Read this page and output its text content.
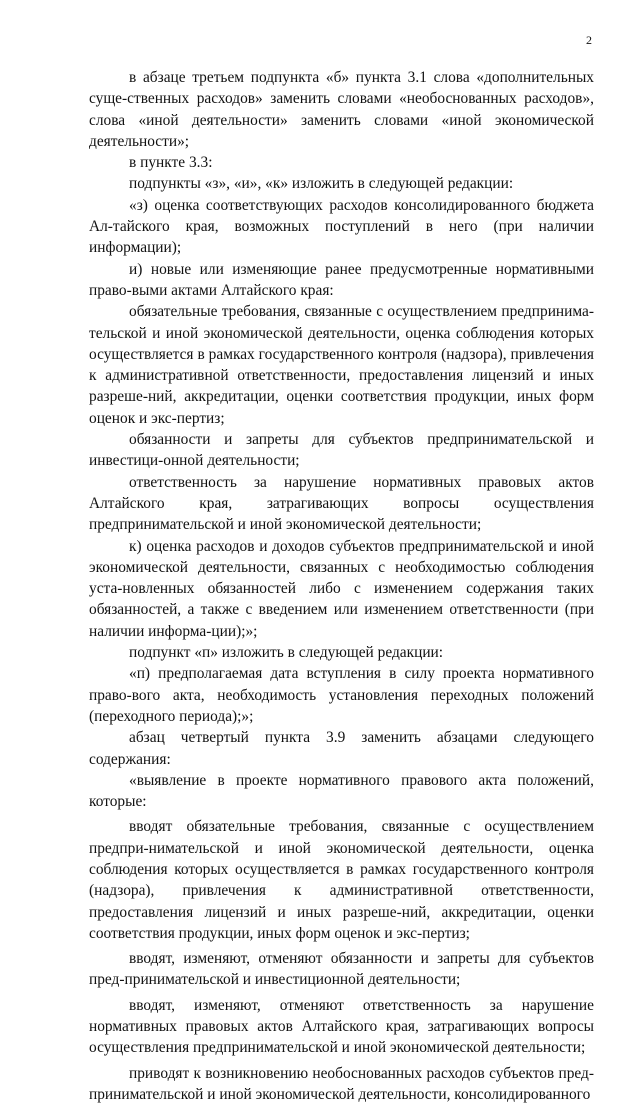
2

в абзаце третьем подпункта «б» пункта 3.1 слова «дополнительных суще-ственных расходов» заменить словами «необоснованных расходов», слова «иной деятельности» заменить словами «иной экономической деятельности»;

в пункте 3.3:

подпункты «з», «и», «к» изложить в следующей редакции:

«з) оценка соответствующих расходов консолидированного бюджета Ал-тайского края, возможных поступлений в него (при наличии информации);

и) новые или изменяющие ранее предусмотренные нормативными право-выми актами Алтайского края:

обязательные требования, связанные с осуществлением предпринима-тельской и иной экономической деятельности, оценка соблюдения которых осуществляется в рамках государственного контроля (надзора), привлечения к административной ответственности, предоставления лицензий и иных разреше-ний, аккредитации, оценки соответствия продукции, иных форм оценок и экс-пертиз;

обязанности и запреты для субъектов предпринимательской и инвестици-онной деятельности;

ответственность за нарушение нормативных правовых актов Алтайского края, затрагивающих вопросы осуществления предпринимательской и иной экономической деятельности;

к) оценка расходов и доходов субъектов предпринимательской и иной экономической деятельности, связанных с необходимостью соблюдения уста-новленных обязанностей либо с изменением содержания таких обязанностей, а также с введением или изменением ответственности (при наличии информа-ции);»;

подпункт «п» изложить в следующей редакции:

«п) предполагаемая дата вступления в силу проекта нормативного право-вого акта, необходимость установления переходных положений (переходного периода);»;

абзац четвертый пункта 3.9 заменить абзацами следующего содержания:

«выявление в проекте нормативного правового акта положений, которые:

вводят обязательные требования, связанные с осуществлением предпри-нимательской и иной экономической деятельности, оценка соблюдения которых осуществляется в рамках государственного контроля (надзора), привлечения к административной ответственности, предоставления лицензий и иных разреше-ний, аккредитации, оценки соответствия продукции, иных форм оценок и экс-пертиз;

вводят, изменяют, отменяют обязанности и запреты для субъектов пред-принимательской и инвестиционной деятельности;

вводят, изменяют, отменяют ответственность за нарушение нормативных правовых актов Алтайского края, затрагивающих вопросы осуществления предпринимательской и иной экономической деятельности;

приводят к возникновению необоснованных расходов субъектов пред-принимательской и иной экономической деятельности, консолидированного
